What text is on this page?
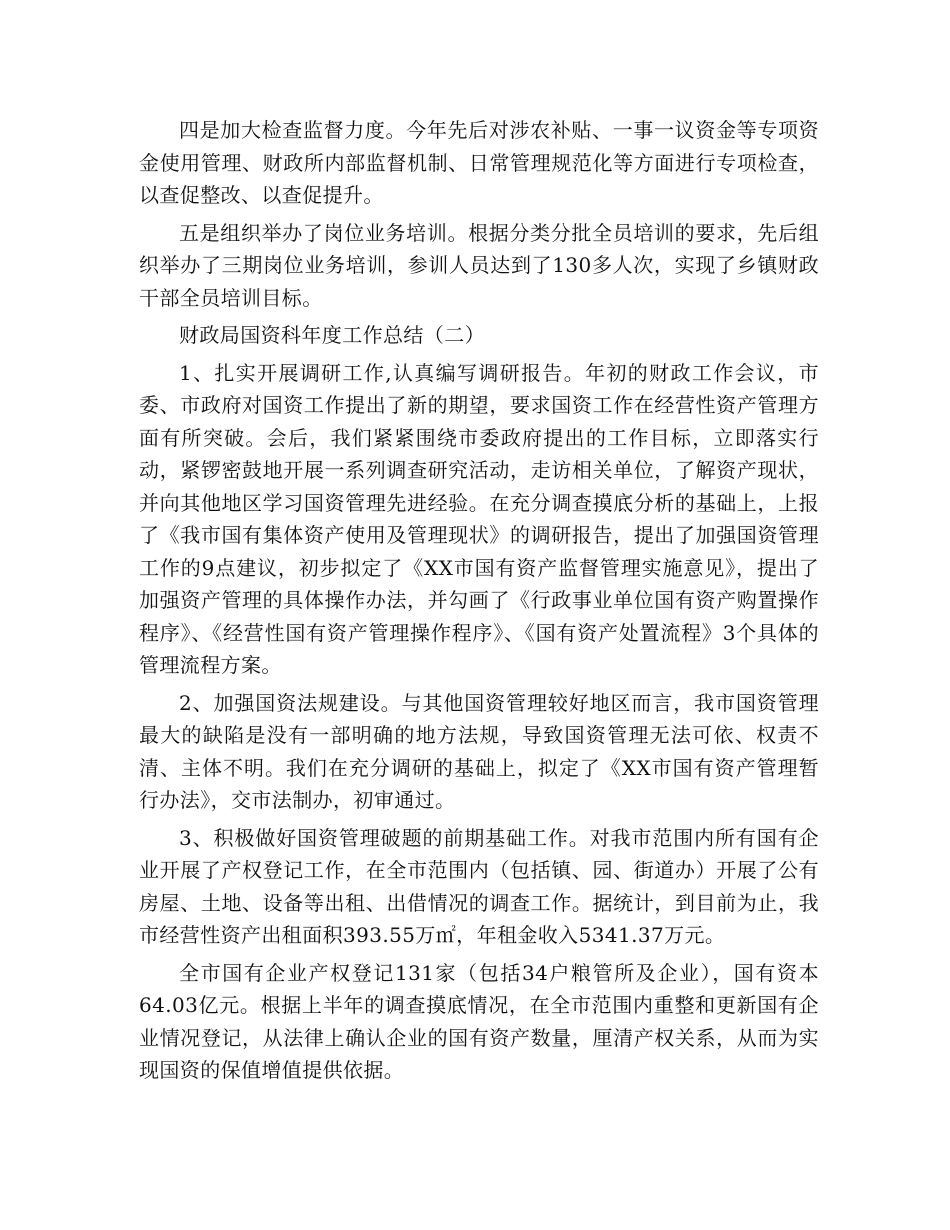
四是加大检查监督力度。今年先后对涉农补贴、一事一议资金等专项资金使用管理、财政所内部监督机制、日常管理规范化等方面进行专项检查，以查促整改、以查促提升。

五是组织举办了岗位业务培训。根据分类分批全员培训的要求，先后组织举办了三期岗位业务培训，参训人员达到了130多人次，实现了乡镇财政干部全员培训目标。

财政局国资科年度工作总结（二）

1、扎实开展调研工作,认真编写调研报告。年初的财政工作会议，市委、市政府对国资工作提出了新的期望，要求国资工作在经营性资产管理方面有所突破。会后，我们紧紧围绕市委政府提出的工作目标，立即落实行动，紧锣密鼓地开展一系列调查研究活动，走访相关单位，了解资产现状，并向其他地区学习国资管理先进经验。在充分调查摸底分析的基础上，上报了《我市国有集体资产使用及管理现状》的调研报告，提出了加强国资管理工作的9点建议，初步拟定了《XX市国有资产监督管理实施意见》，提出了加强资产管理的具体操作办法，并勾画了《行政事业单位国有资产购置操作程序》、《经营性国有资产管理操作程序》、《国有资产处置流程》3个具体的管理流程方案。

2、加强国资法规建设。与其他国资管理较好地区而言，我市国资管理最大的缺陷是没有一部明确的地方法规，导致国资管理无法可依、权责不清、主体不明。我们在充分调研的基础上，拟定了《XX市国有资产管理暂行办法》，交市法制办，初审通过。

3、积极做好国资管理破题的前期基础工作。对我市范围内所有国有企业开展了产权登记工作，在全市范围内（包括镇、园、街道办）开展了公有房屋、土地、设备等出租、出借情况的调查工作。据统计，到目前为止，我市经营性资产出租面积393.55万㎡，年租金收入5341.37万元。

全市国有企业产权登记131家（包括34户粮管所及企业），国有资本64.03亿元。根据上半年的调查摸底情况，在全市范围内重整和更新国有企业情况登记，从法律上确认企业的国有资产数量，厘清产权关系，从而为实现国资的保值增值提供依据。
